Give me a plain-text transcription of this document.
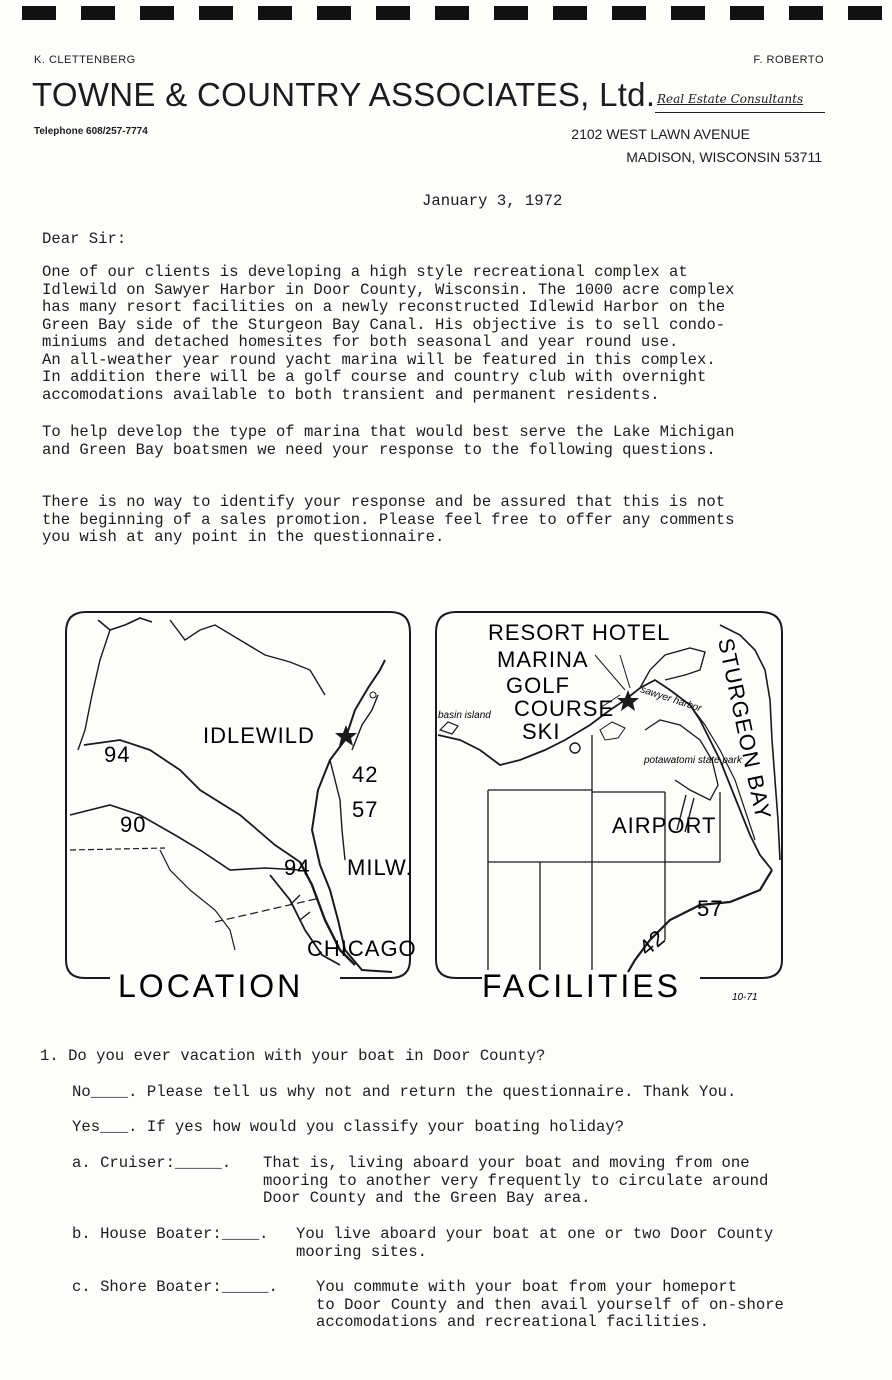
K. CLETTENBERG	F. ROBERTO
TOWNE & COUNTRY ASSOCIATES, Ltd. Real Estate Consultants
Telephone 608/257-7774	2102 WEST LAWN AVENUE
MADISON, WISCONSIN 53711
January 3, 1972
Dear Sir:

One of our clients is developing a high style recreational complex at

Idlewild on Sawyer Harbor in Door County, Wisconsin. The 1000 acre complex

has many resort facilities on a newly reconstructed Idlewid Harbor on the

Green Bay side of the Sturgeon Bay Canal. His objective is to sell condo-

miniums and detached homesites for both seasonal and year round use.

An all-weather year round yacht marina will be featured in this complex.

In addition there will be a golf course and country club with overnight

accomodations available to both transient and permanent residents.

To help develop the type of marina that would best serve the Lake Michigan

and Green Bay boatsmen we need your response to the following questions.

There is no way to identify your response and be assured that this is not

the beginning of a sales promotion. Please feel free to offer any comments

you wish at any point in the questionnaire.

IDLEWILD
94
90
42
57
94 MILW.
CHICAGO
RESORT HOTEL
MARINA
GOLF
COURSE
SKI
AIRPORT
57
42
STURGEON BAY
basin island
sawyer harbor
potawatomi state park
LOCATION	FACILITIES	10-71
1. Do you ever vacation with your boat in Door County?
No____. Please tell us why not and return the questionnaire. Thank You.
Yes___. If yes how would you classify your boating holiday?
a. Cruiser:_____. That is, living aboard your boat and moving from one

mooring to another very frequently to circulate around

Door County and the Green Bay area.

b. House Boater:____. You live aboard your boat at one or two Door County

mooring sites.

c. Shore Boater:_____. You commute with your boat from your homeport

to Door County and then avail yourself of on-shore

accomodations and recreational facilities.
